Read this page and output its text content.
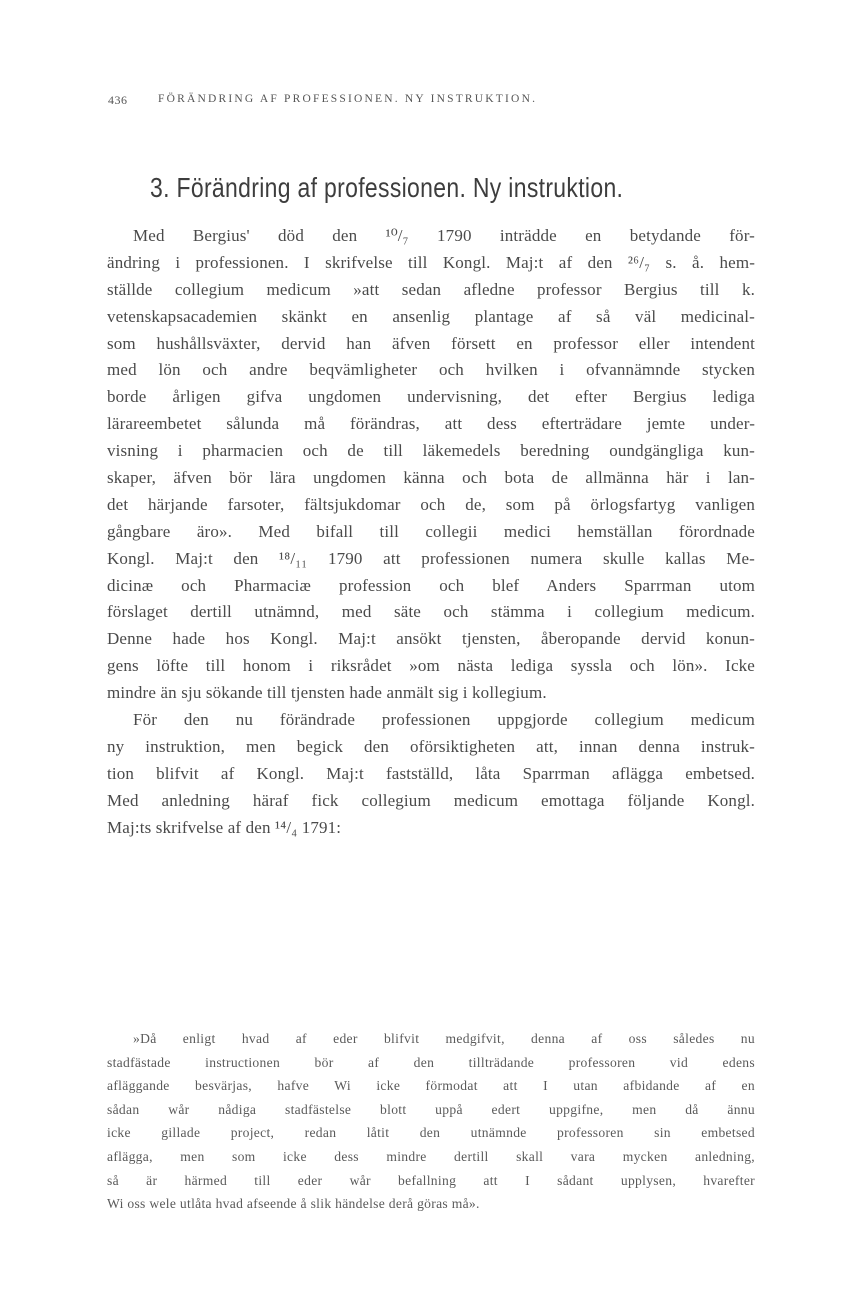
436	FÖRÄNDRING AF PROFESSIONEN. NY INSTRUKTION.
3. Förändring af professionen. Ny instruktion.
Med Bergius' död den ¹⁰/₇ 1790 inträdde en betydande för-
ändring i professionen. I skrifvelse till Kongl. Maj:t af den ²⁶/₇ s. å. hem-
ställde collegium medicum »att sedan afledne professor Bergius till k.
vetenskapsacademien skänkt en ansenlig plantage af så väl medicinal-
som hushållsväxter, dervid han äfven försett en professor eller intendent
med lön och andre beqvämligheter och hvilken i ofvannämnde stycken
borde årligen gifva ungdomen undervisning, det efter Bergius lediga
lärareembetet sålunda må förändras, att dess efterträdare jemte under-
visning i pharmacien och de till läkemedels beredning oundgängliga kun-
skaper, äfven bör lära ungdomen känna och bota de allmänna här i lan-
det härjande farsoter, fältsjukdomar och de, som på örlogsfartyg vanligen
gångbare äro». Med bifall till collegii medici hemställan förordnade
Kongl. Maj:t den ¹⁸/₁₁ 1790 att professionen numera skulle kallas Me-
dicinæ och Pharmaciæ profession och blef Anders Sparrman utom
förslaget dertill utnämnd, med säte och stämma i collegium medicum.
Denne hade hos Kongl. Maj:t ansökt tjensten, åberopande dervid konun-
gens löfte till honom i riksrådet »om nästa lediga syssla och lön». Icke
mindre än sju sökande till tjensten hade anmält sig i kollegium.
För den nu förändrade professionen uppgjorde collegium medicum
ny instruktion, men begick den oförsiktigheten att, innan denna instruk-
tion blifvit af Kongl. Maj:t fastställd, låta Sparrman aflägga embetsed.
Med anledning häraf fick collegium medicum emottaga följande Kongl.
Maj:ts skrifvelse af den ¹⁴/₄ 1791:
»Då enligt hvad af eder blifvit medgifvit, denna af oss således nu
stadfästade instructionen bör af den tillträdande professoren vid edens
afläggande besvärjas, hafve Wi icke förmodat att I utan afbidande af en
sådan wår nådiga stadfästelse blott uppå edert uppgifne, men då ännu
icke gillade project, redan låtit den utnämnde professoren sin embetsed
aflägga, men som icke dess mindre dertill skall vara mycken anledning,
så är härmed till eder wår befallning att I sådant upplysen, hvarefter
Wi oss wele utlåta hvad afseende å slik händelse derå göras må».
